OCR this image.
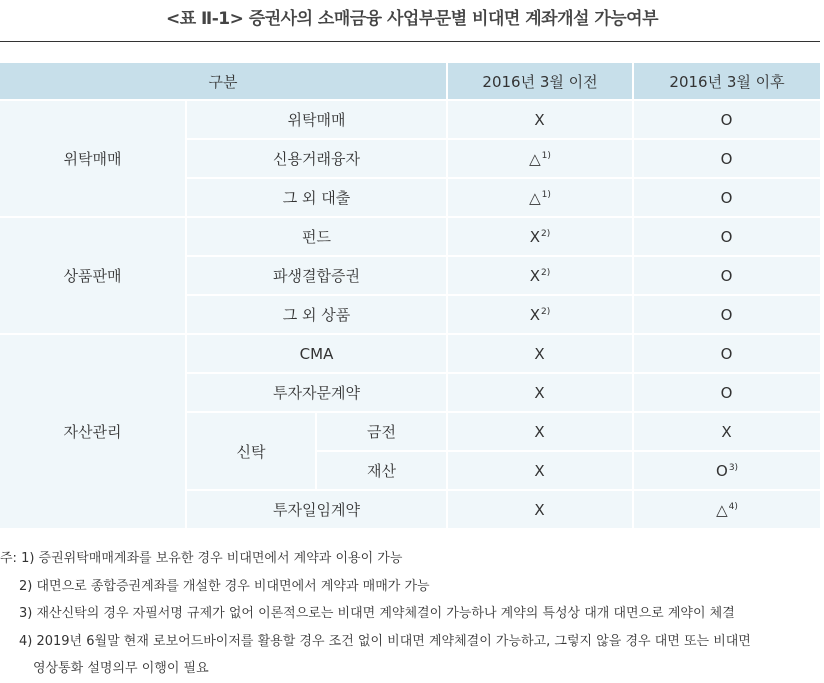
<표 Ⅱ-1> 증권사의 소매금융 사업부문별 비대면 계좌개설 가능여부
구분			2016년 3월 이전	2016년 3월 이후
위탁매매	위탁매매		X	O
	신용거래융자		△$^{1)}$	O
	그 외 대출		△$^{1)}$	O
상품판매	펀드		$X^{2)}$	O
	파생결합증권		$X^{2)}$	O
	그 외 상품		$X^{2)}$	O
자산관리	CMA		X	O
	투자자문계약		X	O
	신탁	금전	X	X
		재산	X	$O^{3)}$
	투자일임계약		X	△$^{4)}$
주: 1) 증권위탁매매계좌를 보유한 경우 비대면에서 계약과 이용이 가능
2) 대면으로 종합증권계좌를 개설한 경우 비대면에서 계약과 매매가 가능
3) 재산신탁의 경우 자필서명 규제가 없어 이론적으로는 비대면 계약체결이 가능하나 계약의 특성상 대개 대면으로 계약이 체결
4) 2019년 6월말 현재 로보어드바이저를 활용할 경우 조건 없이 비대면 계약체결이 가능하고, 그렇지 않을 경우 대면 또는 비대면
영상통화 설명의무 이행이 필요
